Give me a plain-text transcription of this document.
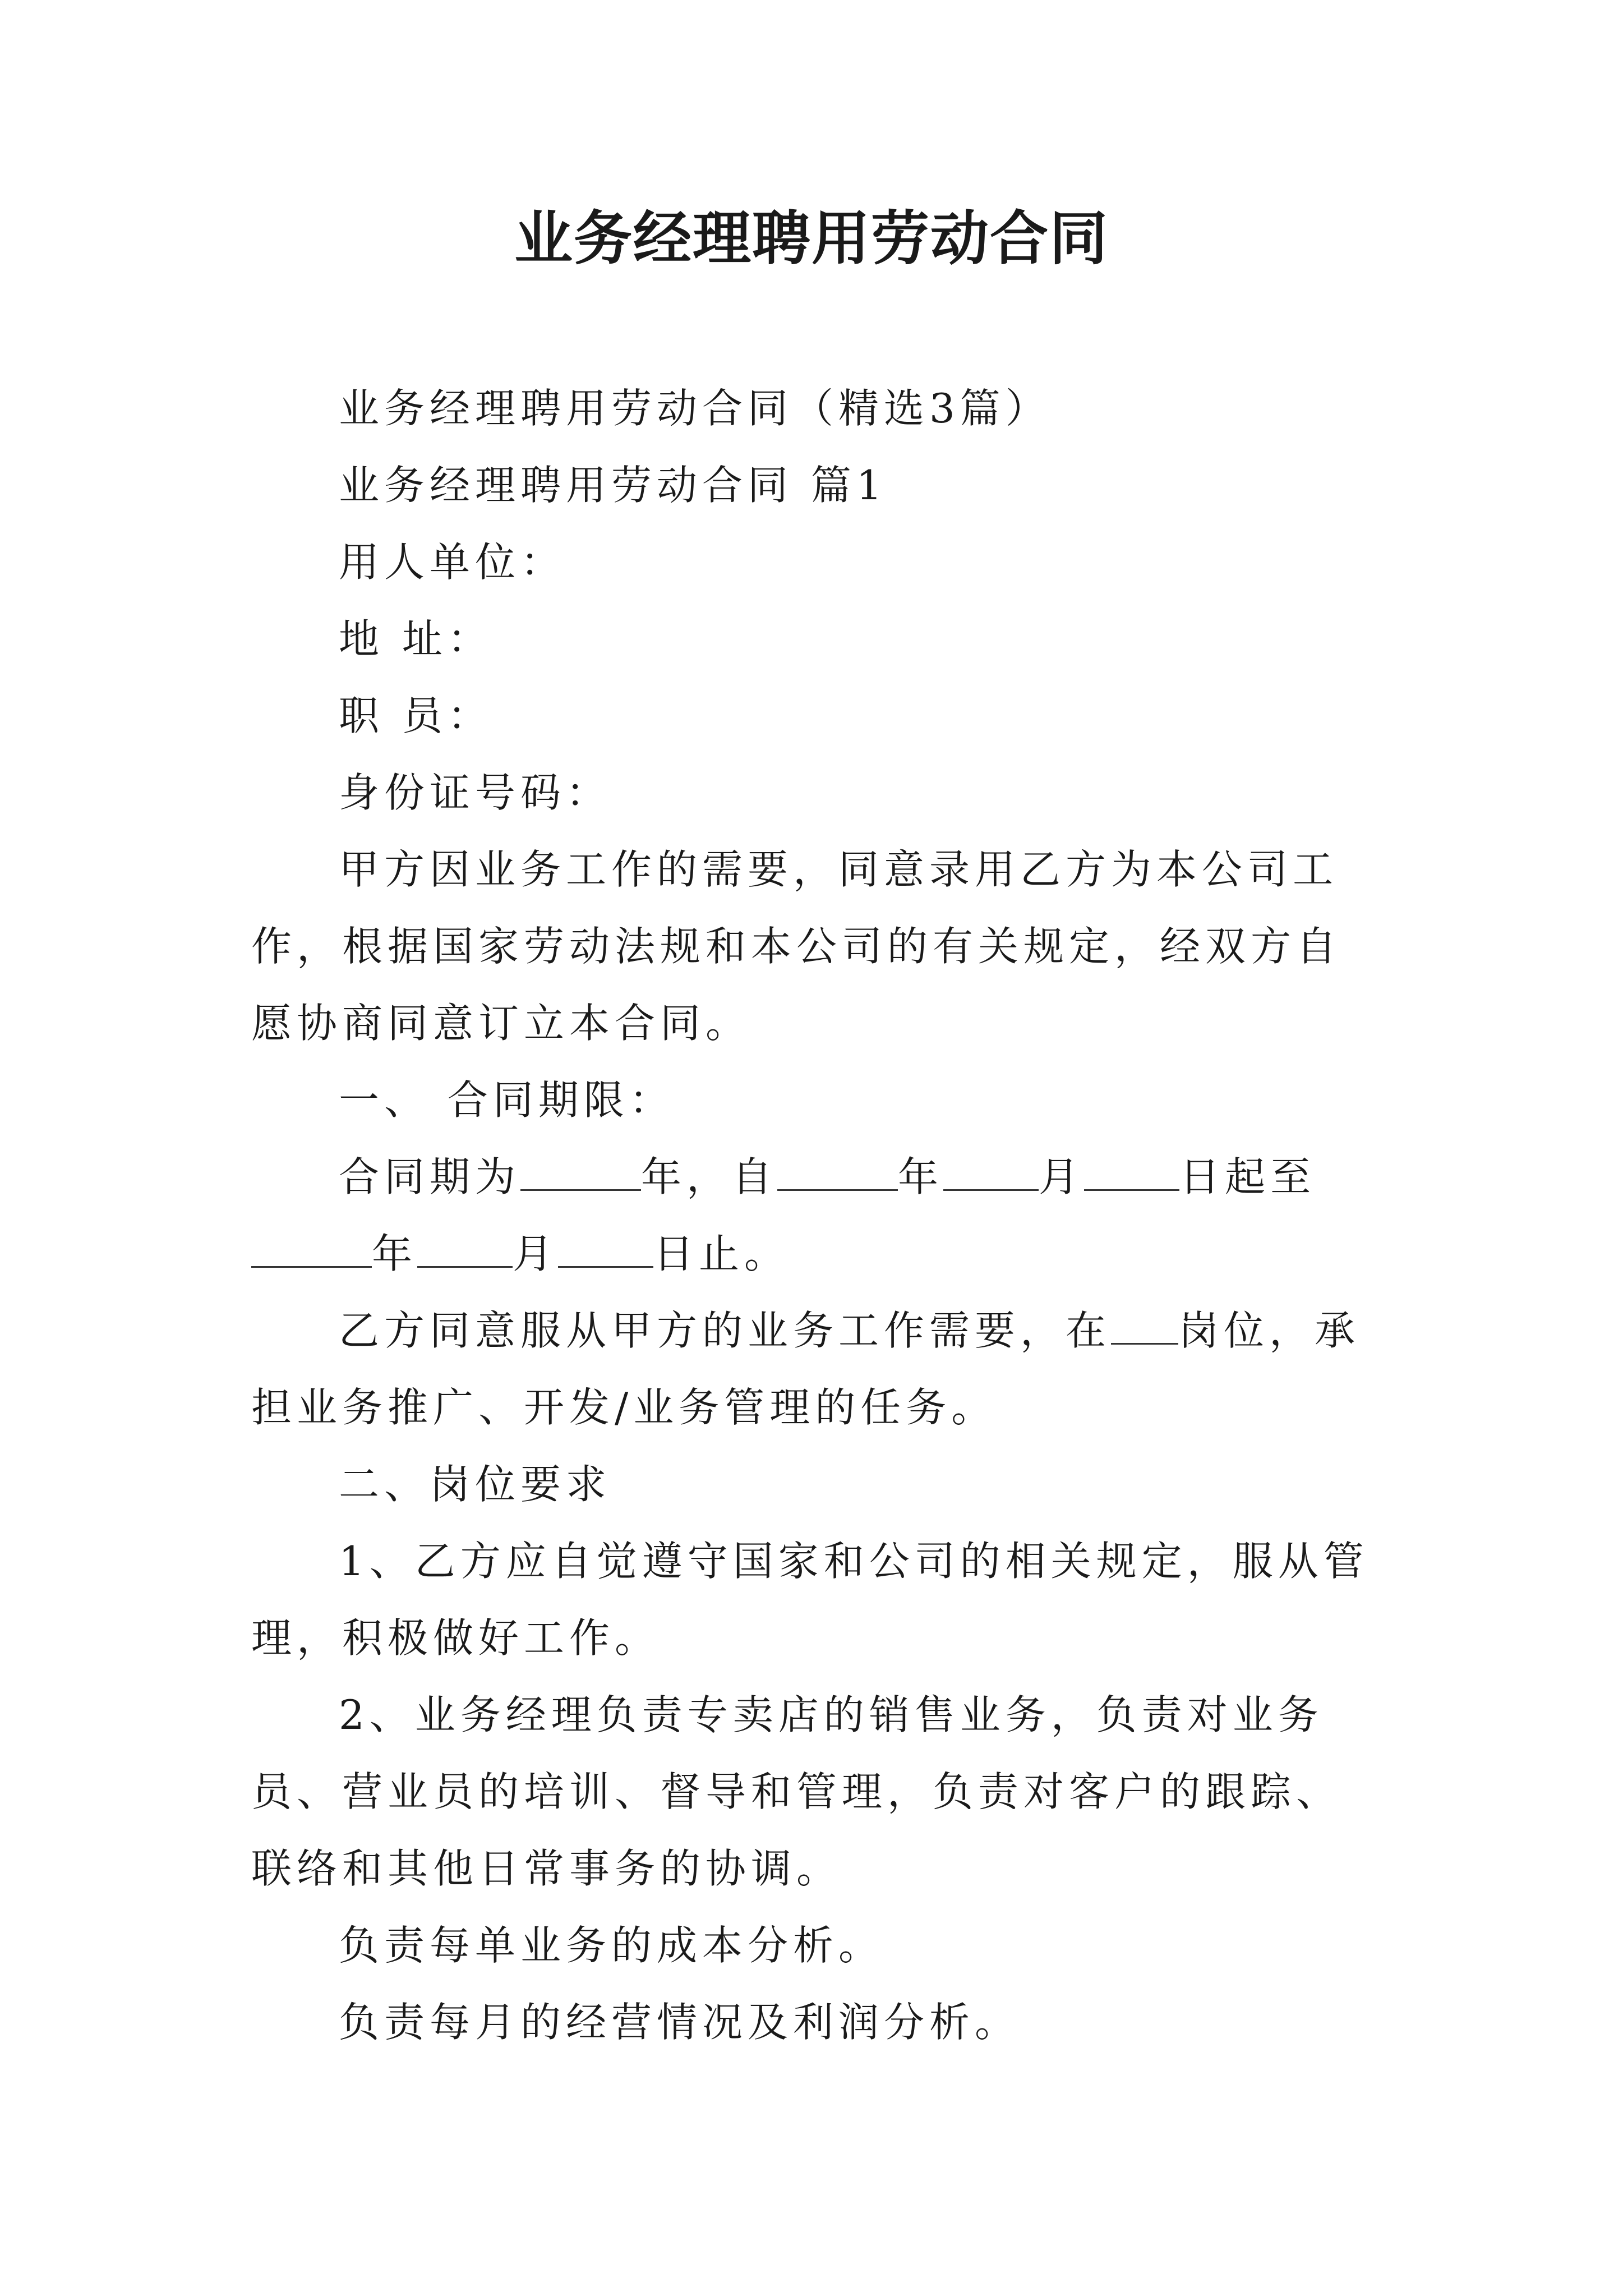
业务经理聘用劳动合同

业务经理聘用劳动合同（精选3篇）

业务经理聘用劳动合同 篇1

用人单位：

地 址：

职 员：

身份证号码：

甲方因业务工作的需要，同意录用乙方为本公司工作，根据国家劳动法规和本公司的有关规定，经双方自愿协商同意订立本合同。

一、 合同期限：

合同期为	年，自	年 月 日起至年 月 日止。

乙方同意服从甲方的业务工作需要，在 岗位，承担业务推广、开发/业务管理的任务。

二、岗位要求

1、乙方应自觉遵守国家和公司的相关规定，服从管理，积极做好工作。

2、业务经理负责专卖店的销售业务，负责对业务员、营业员的培训、督导和管理，负责对客户的跟踪、联络和其他日常事务的协调。

负责每单业务的成本分析。

负责每月的经营情况及利润分析。
